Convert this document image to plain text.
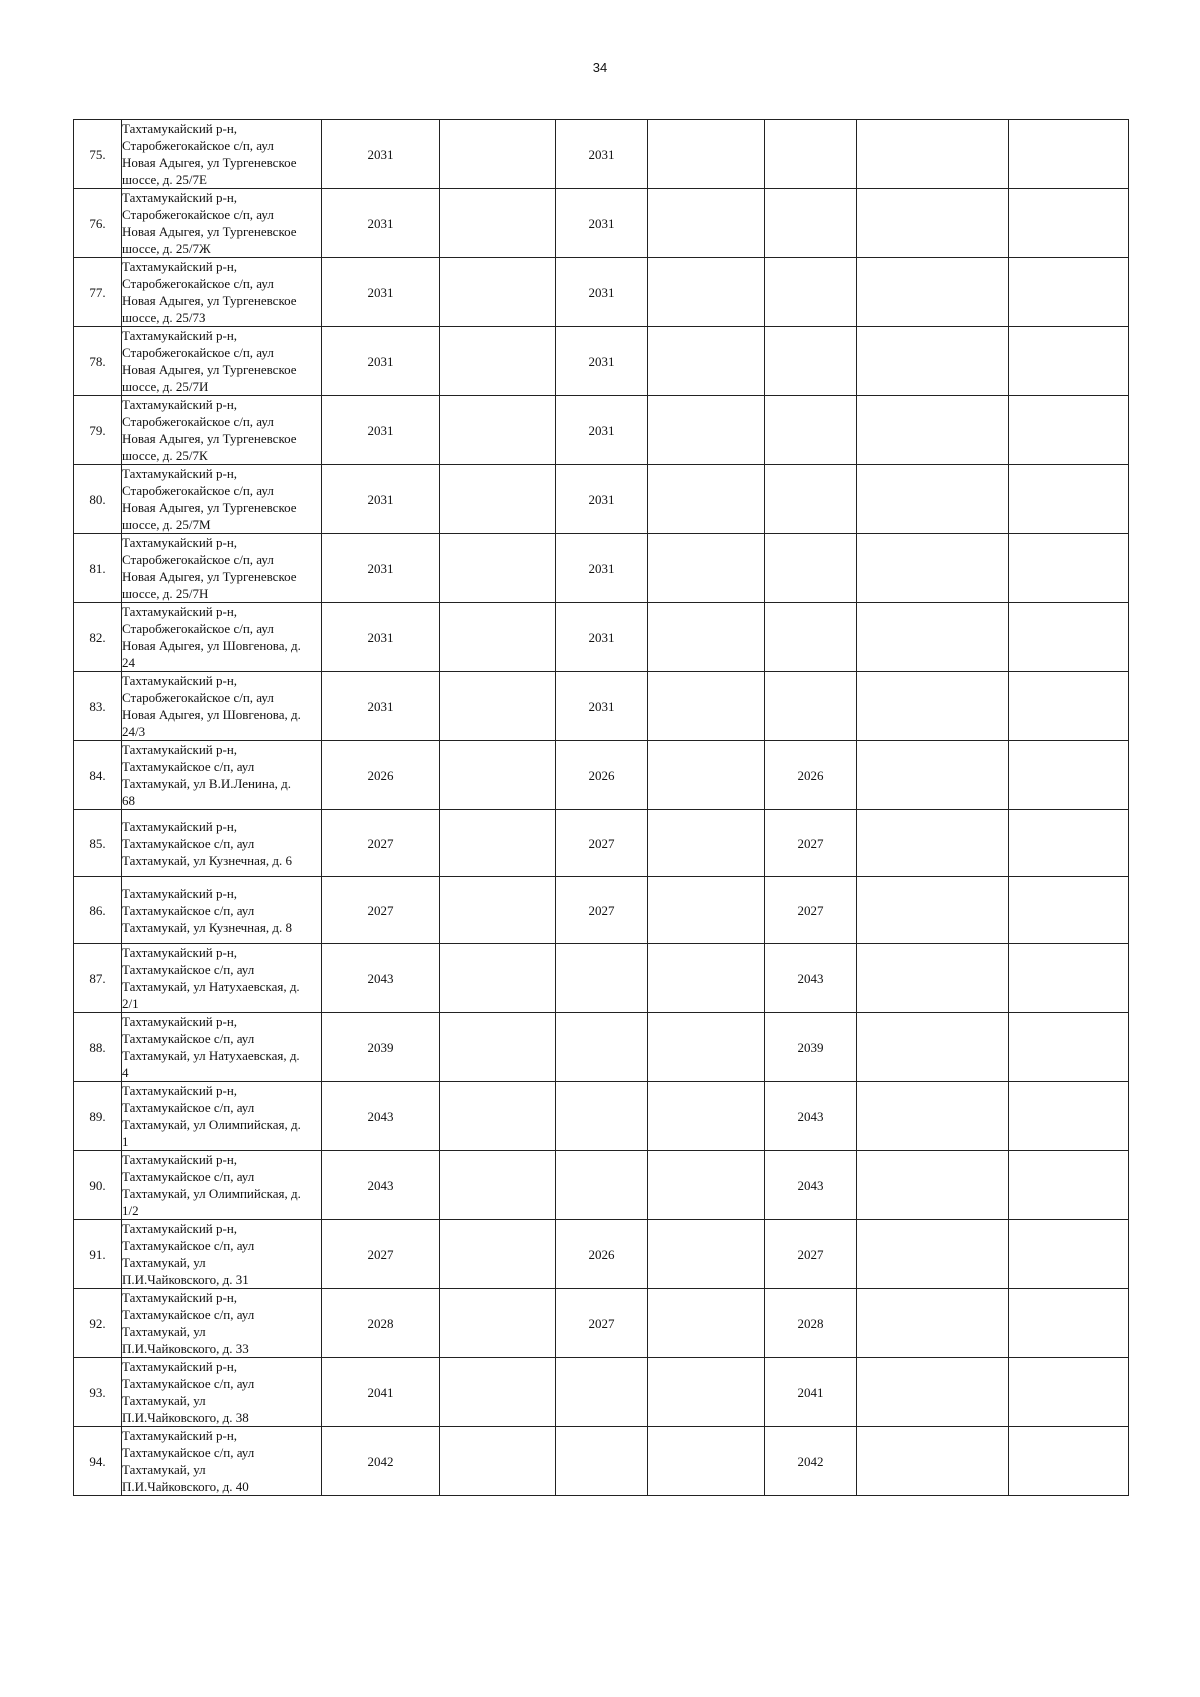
34
75.	Тахтамукайский р-н,
Старобжегокайское с/п, аул
Новая Адыгея, ул Тургеневское
шоссе, д. 25/7Е	2031		2031				
76.	Тахтамукайский р-н,
Старобжегокайское с/п, аул
Новая Адыгея, ул Тургеневское
шоссе, д. 25/7Ж	2031		2031				
77.	Тахтамукайский р-н,
Старобжегокайское с/п, аул
Новая Адыгея, ул Тургеневское
шоссе, д. 25/7З	2031		2031				
78.	Тахтамукайский р-н,
Старобжегокайское с/п, аул
Новая Адыгея, ул Тургеневское
шоссе, д. 25/7И	2031		2031				
79.	Тахтамукайский р-н,
Старобжегокайское с/п, аул
Новая Адыгея, ул Тургеневское
шоссе, д. 25/7К	2031		2031				
80.	Тахтамукайский р-н,
Старобжегокайское с/п, аул
Новая Адыгея, ул Тургеневское
шоссе, д. 25/7М	2031		2031				
81.	Тахтамукайский р-н,
Старобжегокайское с/п, аул
Новая Адыгея, ул Тургеневское
шоссе, д. 25/7Н	2031		2031				
82.	Тахтамукайский р-н,
Старобжегокайское с/п, аул
Новая Адыгея, ул Шовгенова, д.
24	2031		2031				
83.	Тахтамукайский р-н,
Старобжегокайское с/п, аул
Новая Адыгея, ул Шовгенова, д.
24/3	2031		2031				
84.	Тахтамукайский р-н,
Тахтамукайское с/п, аул
Тахтамукай, ул В.И.Ленина, д.
68	2026		2026		2026		
85.	Тахтамукайский р-н,
Тахтамукайское с/п, аул
Тахтамукай, ул Кузнечная, д. 6	2027		2027		2027		
86.	Тахтамукайский р-н,
Тахтамукайское с/п, аул
Тахтамукай, ул Кузнечная, д. 8	2027		2027		2027		
87.	Тахтамукайский р-н,
Тахтамукайское с/п, аул
Тахтамукай, ул Натухаевская, д.
2/1	2043				2043		
88.	Тахтамукайский р-н,
Тахтамукайское с/п, аул
Тахтамукай, ул Натухаевская, д.
4	2039				2039		
89.	Тахтамукайский р-н,
Тахтамукайское с/п, аул
Тахтамукай, ул Олимпийская, д.
1	2043				2043		
90.	Тахтамукайский р-н,
Тахтамукайское с/п, аул
Тахтамукай, ул Олимпийская, д.
1/2	2043				2043		
91.	Тахтамукайский р-н,
Тахтамукайское с/п, аул
Тахтамукай, ул
П.И.Чайковского, д. 31	2027		2026		2027		
92.	Тахтамукайский р-н,
Тахтамукайское с/п, аул
Тахтамукай, ул
П.И.Чайковского, д. 33	2028		2027		2028		
93.	Тахтамукайский р-н,
Тахтамукайское с/п, аул
Тахтамукай, ул
П.И.Чайковского, д. 38	2041				2041		
94.	Тахтамукайский р-н,
Тахтамукайское с/п, аул
Тахтамукай, ул
П.И.Чайковского, д. 40	2042				2042		
